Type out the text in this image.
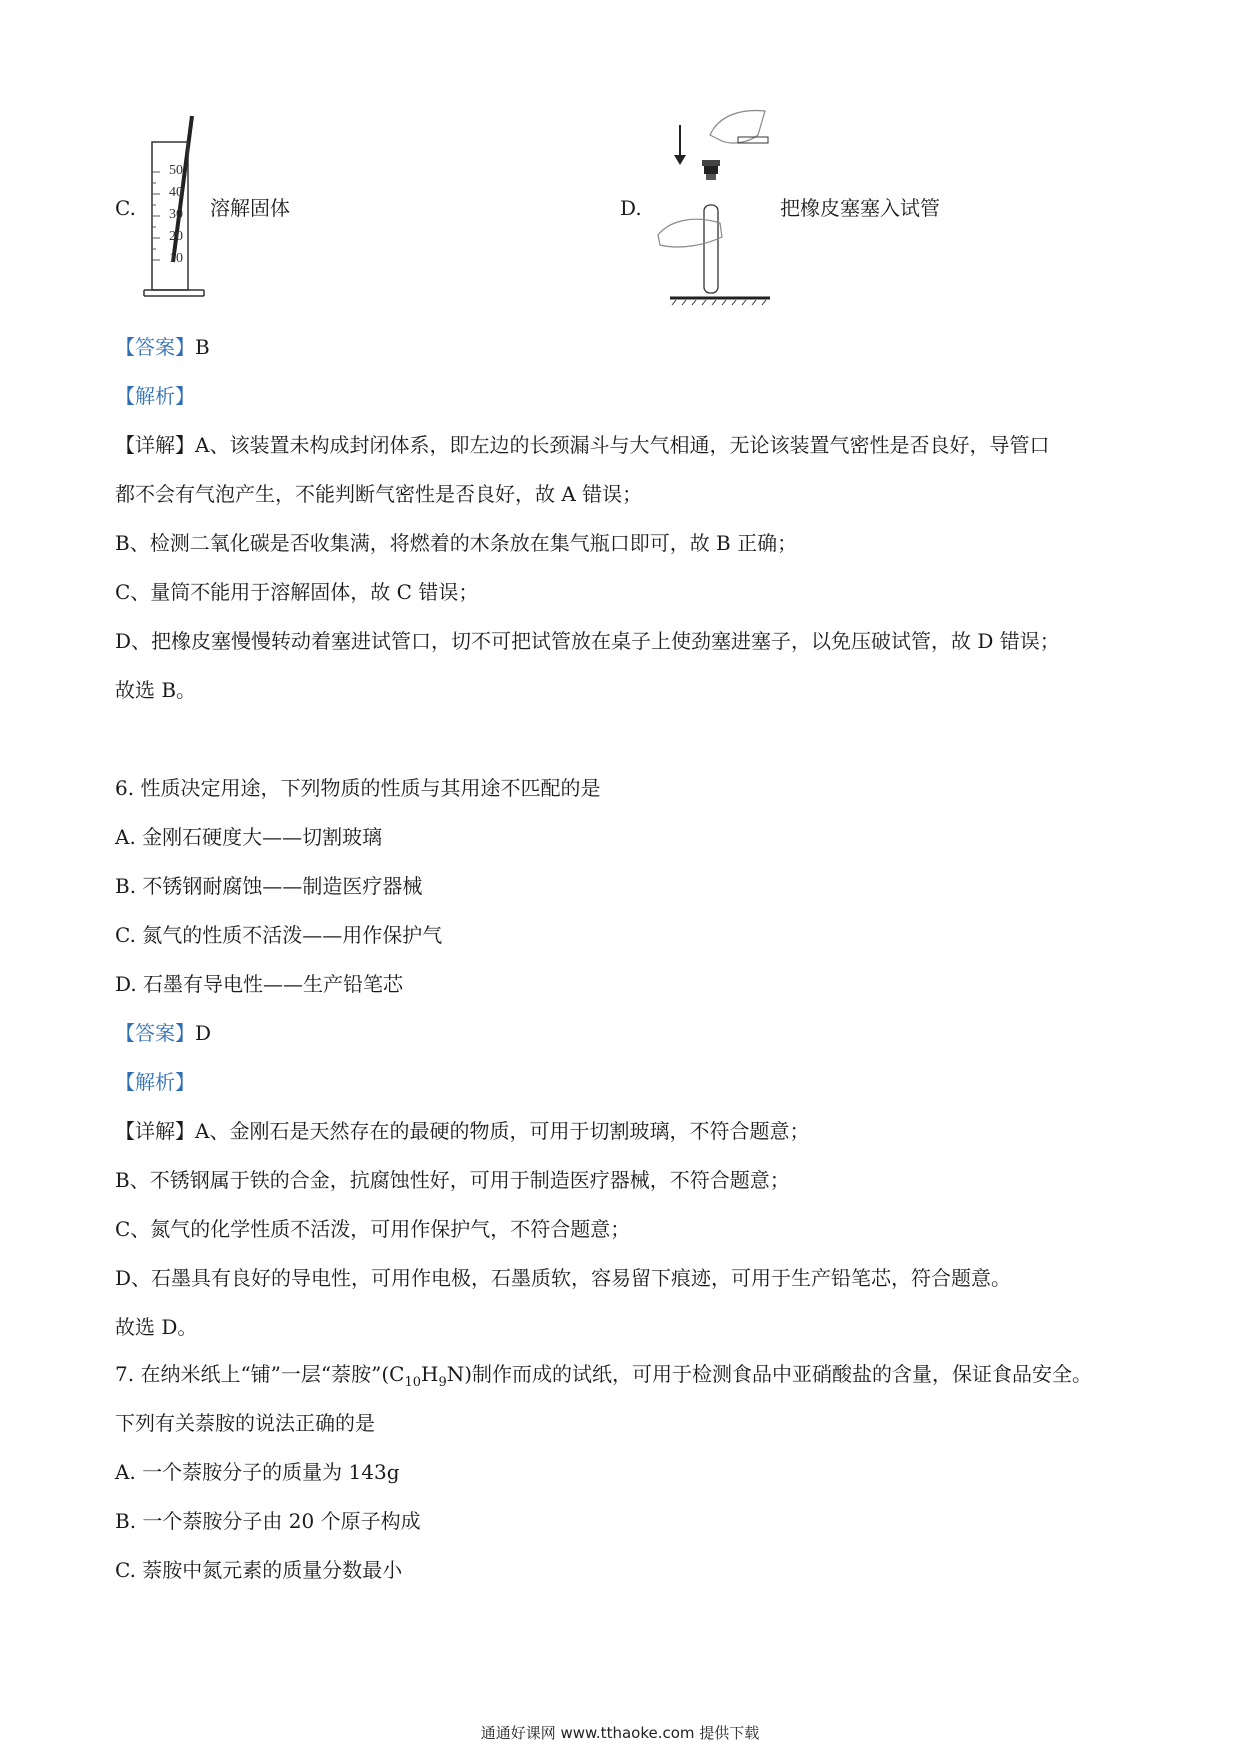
C.
50
40
30
20
10
溶解固体	D.	把橡皮塞塞入试管
【答案】B
【解析】
【详解】A、该装置未构成封闭体系，即左边的长颈漏斗与大气相通，无论该装置气密性是否良好，导管口
都不会有气泡产生，不能判断气密性是否良好，故 A 错误；
B、检测二氧化碳是否收集满，将燃着的木条放在集气瓶口即可，故 B 正确；
C、量筒不能用于溶解固体，故 C 错误；
D、把橡皮塞慢慢转动着塞进试管口，切不可把试管放在桌子上使劲塞进塞子，以免压破试管，故 D 错误；
故选 B。
6. 性质决定用途，下列物质的性质与其用途不匹配的是
A. 金刚石硬度大——切割玻璃
B. 不锈钢耐腐蚀——制造医疗器械
C. 氮气的性质不活泼——用作保护气
D. 石墨有导电性——生产铅笔芯
【答案】D
【解析】
【详解】A、金刚石是天然存在的最硬的物质，可用于切割玻璃，不符合题意；
B、不锈钢属于铁的合金，抗腐蚀性好，可用于制造医疗器械，不符合题意；
C、氮气的化学性质不活泼，可用作保护气，不符合题意；
D、石墨具有良好的导电性，可用作电极，石墨质软，容易留下痕迹，可用于生产铅笔芯，符合题意。
故选 D。
7. 在纳米纸上“铺”一层“萘胺$”(C_{10}H_9N)$制作而成的试纸，可用于检测食品中亚硝酸盐的含量，保证食品安全。
下列有关萘胺的说法正确的是
A. 一个萘胺分子的质量为 143g
B. 一个萘胺分子由 20 个原子构成
C. 萘胺中氮元素的质量分数最小
通通好课网 www.tthaoke.com 提供下载
